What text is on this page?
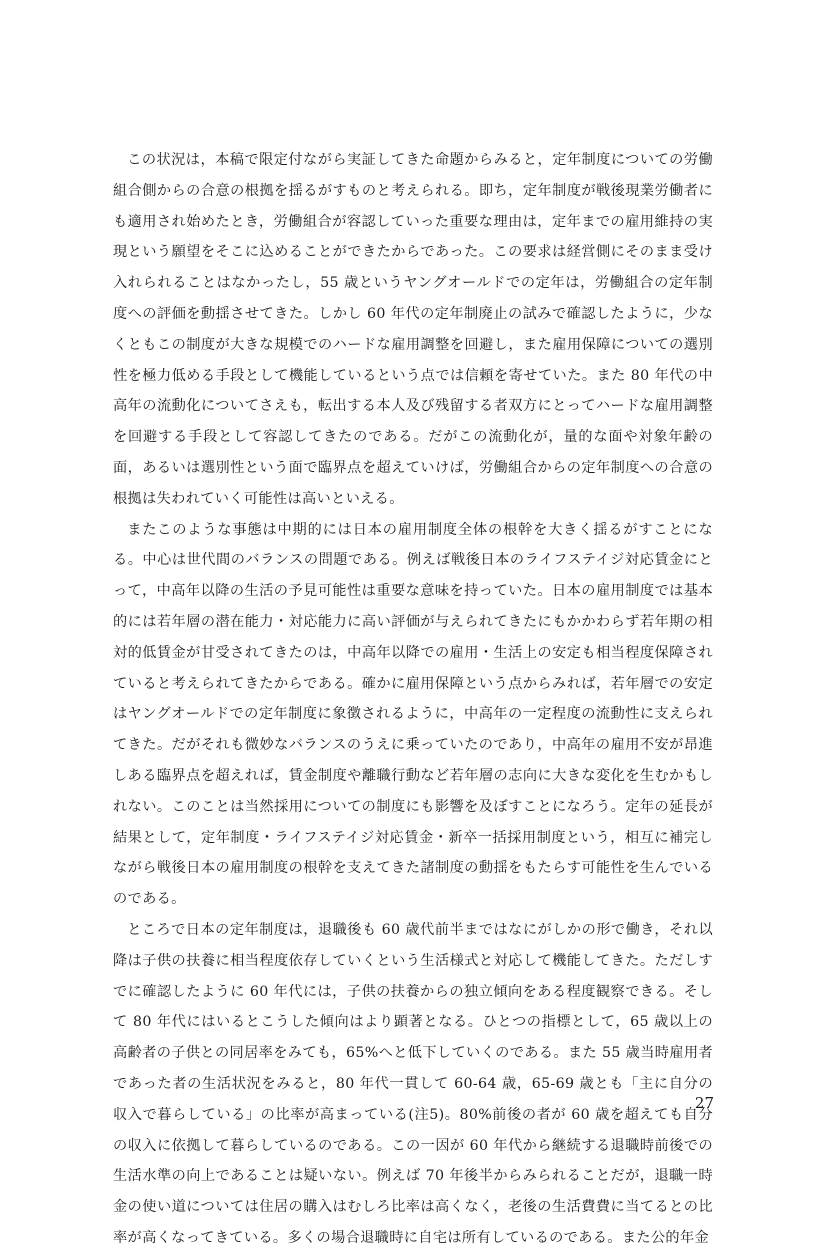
この状況は，本稿で限定付ながら実証してきた命題からみると，定年制度についての労働組合側からの合意の根拠を揺るがすものと考えられる。即ち，定年制度が戦後現業労働者にも適用され始めたとき，労働組合が容認していった重要な理由は，定年までの雇用維持の実現という願望をそこに込めることができたからであった。この要求は経営側にそのまま受け入れられることはなかったし，55 歳というヤングオールドでの定年は，労働組合の定年制度への評価を動揺させてきた。しかし 60 年代の定年制廃止の試みで確認したように，少なくともこの制度が大きな規模でのハードな雇用調整を回避し，また雇用保障についての選別性を極力低める手段として機能しているという点では信頼を寄せていた。また 80 年代の中高年の流動化についてさえも，転出する本人及び残留する者双方にとってハードな雇用調整を回避する手段として容認してきたのである。だがこの流動化が，量的な面や対象年齢の面，あるいは選別性という面で臨界点を超えていけば，労働組合からの定年制度への合意の根拠は失われていく可能性は高いといえる。

またこのような事態は中期的には日本の雇用制度全体の根幹を大きく揺るがすことになる。中心は世代間のバランスの問題である。例えば戦後日本のライフステイジ対応賃金にとって，中高年以降の生活の予見可能性は重要な意味を持っていた。日本の雇用制度では基本的には若年層の潜在能力・対応能力に高い評価が与えられてきたにもかかわらず若年期の相対的低賃金が甘受されてきたのは，中高年以降での雇用・生活上の安定も相当程度保障されていると考えられてきたからである。確かに雇用保障という点からみれば，若年層での安定はヤングオールドでの定年制度に象徴されるように，中高年の一定程度の流動性に支えられてきた。だがそれも微妙なバランスのうえに乗っていたのであり，中高年の雇用不安が昂進しある臨界点を超えれば，賃金制度や離職行動など若年層の志向に大きな変化を生むかもしれない。このことは当然採用についての制度にも影響を及ぼすことになろう。定年の延長が結果として，定年制度・ライフステイジ対応賃金・新卒一括採用制度という，相互に補完しながら戦後日本の雇用制度の根幹を支えてきた諸制度の動揺をもたらす可能性を生んでいるのである。

ところで日本の定年制度は，退職後も 60 歳代前半まではなにがしかの形で働き，それ以降は子供の扶養に相当程度依存していくという生活様式と対応して機能してきた。ただしすでに確認したように 60 年代には，子供の扶養からの独立傾向をある程度観察できる。そして 80 年代にはいるとこうした傾向はより顕著となる。ひとつの指標として，65 歳以上の高齢者の子供との同居率をみても，65%へと低下していくのである。また 55 歳当時雇用者であった者の生活状況をみると，80 年代一貫して 60-64 歳，65-69 歳とも「主に自分の収入で暮らしている」の比率が高まっている(注5)。80%前後の者が 60 歳を超えても自分の収入に依拠して暮らしているのである。この一因が 60 年代から継続する退職時前後での生活水準の向上であることは疑いない。例えば 70 年後半からみられることだが，退職一時金の使い道については住居の購入はむしろ比率は高くなく，老後の生活費費に当てるとの比率が高くなってきている。多くの場合退職時に自宅は所有しているのである。また公的年金

27
